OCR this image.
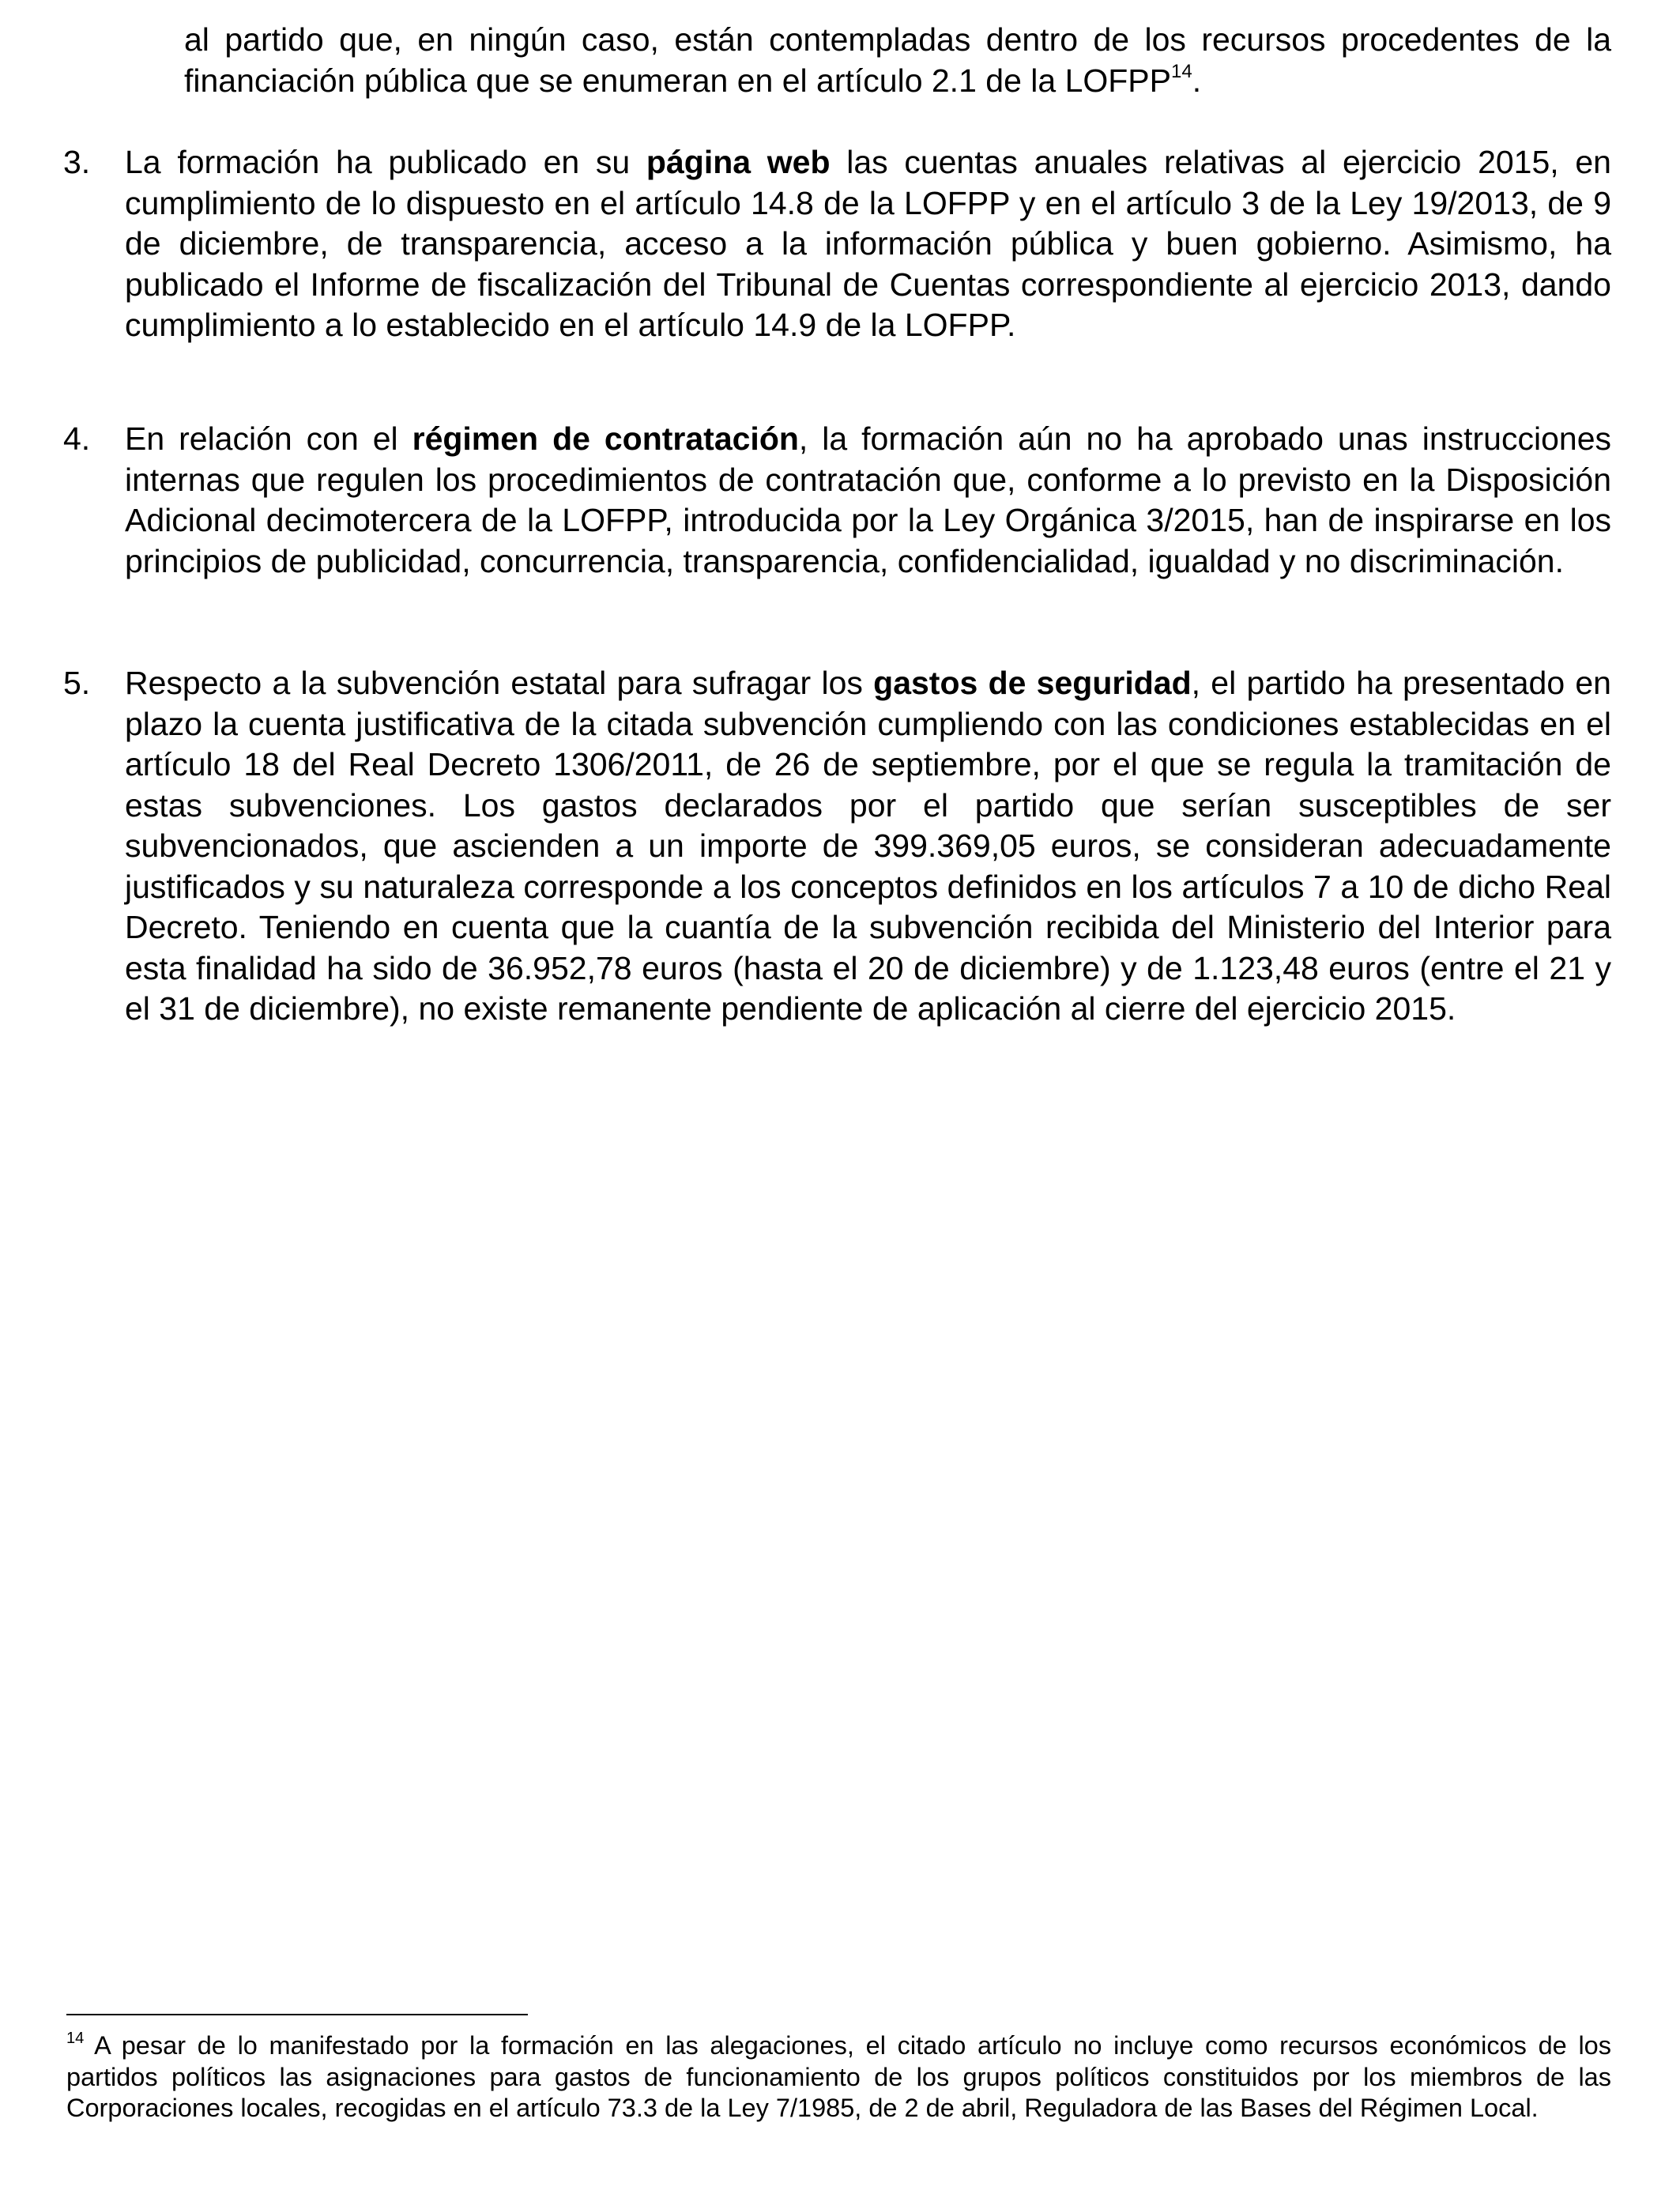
al partido que, en ningún caso, están contempladas dentro de los recursos procedentes de la financiación pública que se enumeran en el artículo 2.1 de la LOFPP$^{14}$.

3. La formación ha publicado en su página web las cuentas anuales relativas al ejercicio 2015, en cumplimiento de lo dispuesto en el artículo 14.8 de la LOFPP y en el artículo 3 de la Ley 19/2013, de 9 de diciembre, de transparencia, acceso a la información pública y buen gobierno. Asimismo, ha publicado el Informe de fiscalización del Tribunal de Cuentas correspondiente al ejercicio 2013, dando cumplimiento a lo establecido en el artículo 14.9 de la LOFPP.

4. En relación con el régimen de contratación, la formación aún no ha aprobado unas instrucciones internas que regulen los procedimientos de contratación que, conforme a lo previsto en la Disposición Adicional decimotercera de la LOFPP, introducida por la Ley Orgánica 3/2015, han de inspirarse en los principios de publicidad, concurrencia, transparencia, confidencialidad, igualdad y no discriminación.

5. Respecto a la subvención estatal para sufragar los gastos de seguridad, el partido ha presentado en plazo la cuenta justificativa de la citada subvención cumpliendo con las condiciones establecidas en el artículo 18 del Real Decreto 1306/2011, de 26 de septiembre, por el que se regula la tramitación de estas subvenciones. Los gastos declarados por el partido que serían susceptibles de ser subvencionados, que ascienden a un importe de 399.369,05 euros, se consideran adecuadamente justificados y su naturaleza corresponde a los conceptos definidos en los artículos 7 a 10 de dicho Real Decreto. Teniendo en cuenta que la cuantía de la subvención recibida del Ministerio del Interior para esta finalidad ha sido de 36.952,78 euros (hasta el 20 de diciembre) y de 1.123,48 euros (entre el 21 y el 31 de diciembre), no existe remanente pendiente de aplicación al cierre del ejercicio 2015.

$^{14}$ A pesar de lo manifestado por la formación en las alegaciones, el citado artículo no incluye como recursos económicos de los partidos políticos las asignaciones para gastos de funcionamiento de los grupos políticos constituidos por los miembros de las Corporaciones locales, recogidas en el artículo 73.3 de la Ley 7/1985, de 2 de abril, Reguladora de las Bases del Régimen Local.
